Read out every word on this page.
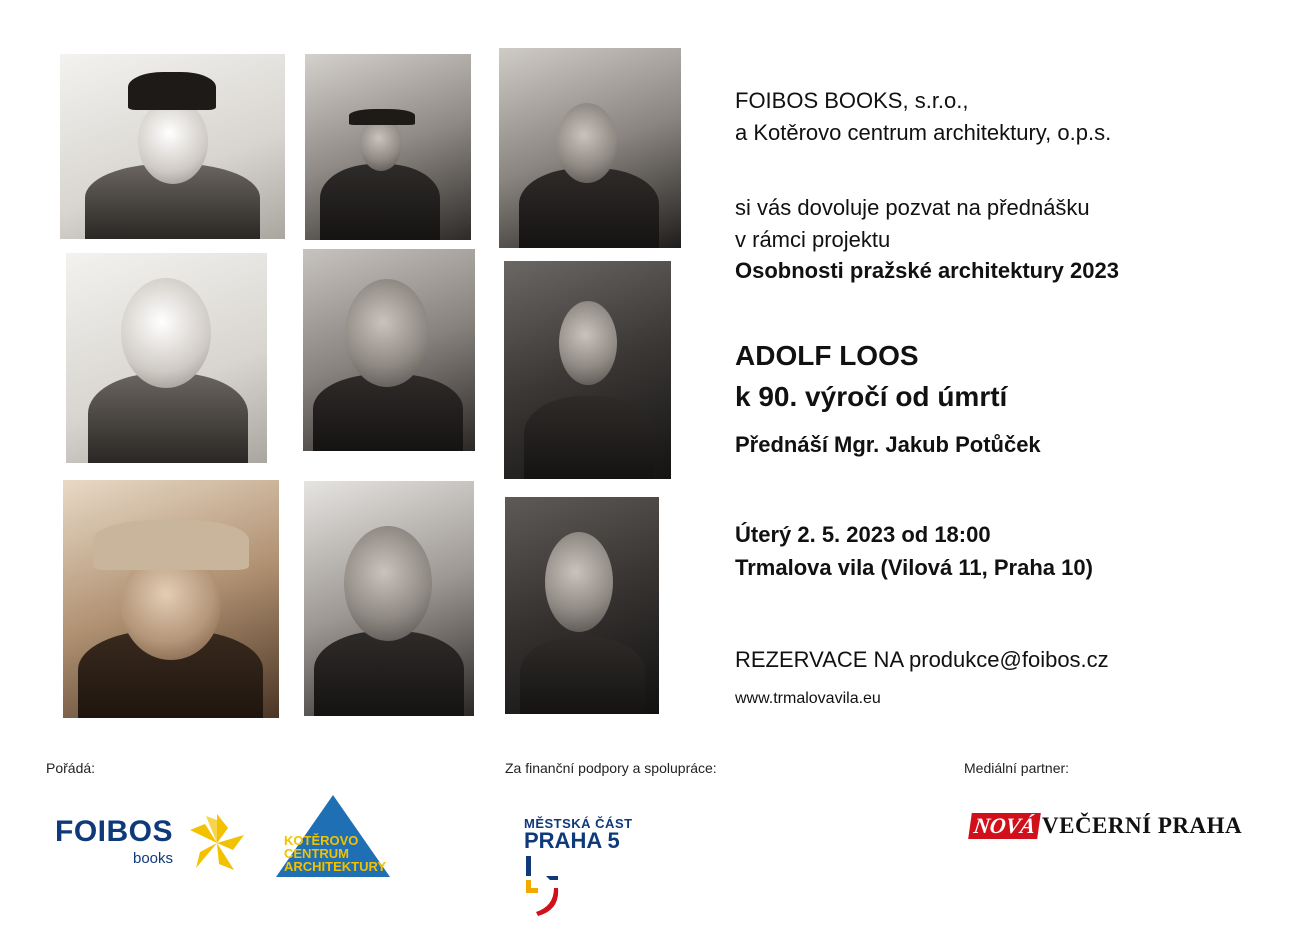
FOIBOS BOOKS, s.r.o.,
a Kotěrovo centrum architektury, o.p.s.
si vás dovoluje pozvat na přednášku
v rámci projektu
Osobnosti pražské architektury 2023
ADOLF LOOS
k 90. výročí od úmrtí
Přednáší Mgr. Jakub Potůček
Úterý 2. 5. 2023 od 18:00
Trmalova vila (Vilová 11, Praha 10)
REZERVACE NA produkce@foibos.cz
www.trmalovavila.eu
Pořádá:	Za finanční podpory a spolupráce:	Mediální partner:
FOIBOS
books
KOTĚROVO
CENTRUM
ARCHITEKTURY
MĚSTSKÁ ČÁST
PRAHA 5
NOVÁ VEČERNÍ PRAHA
